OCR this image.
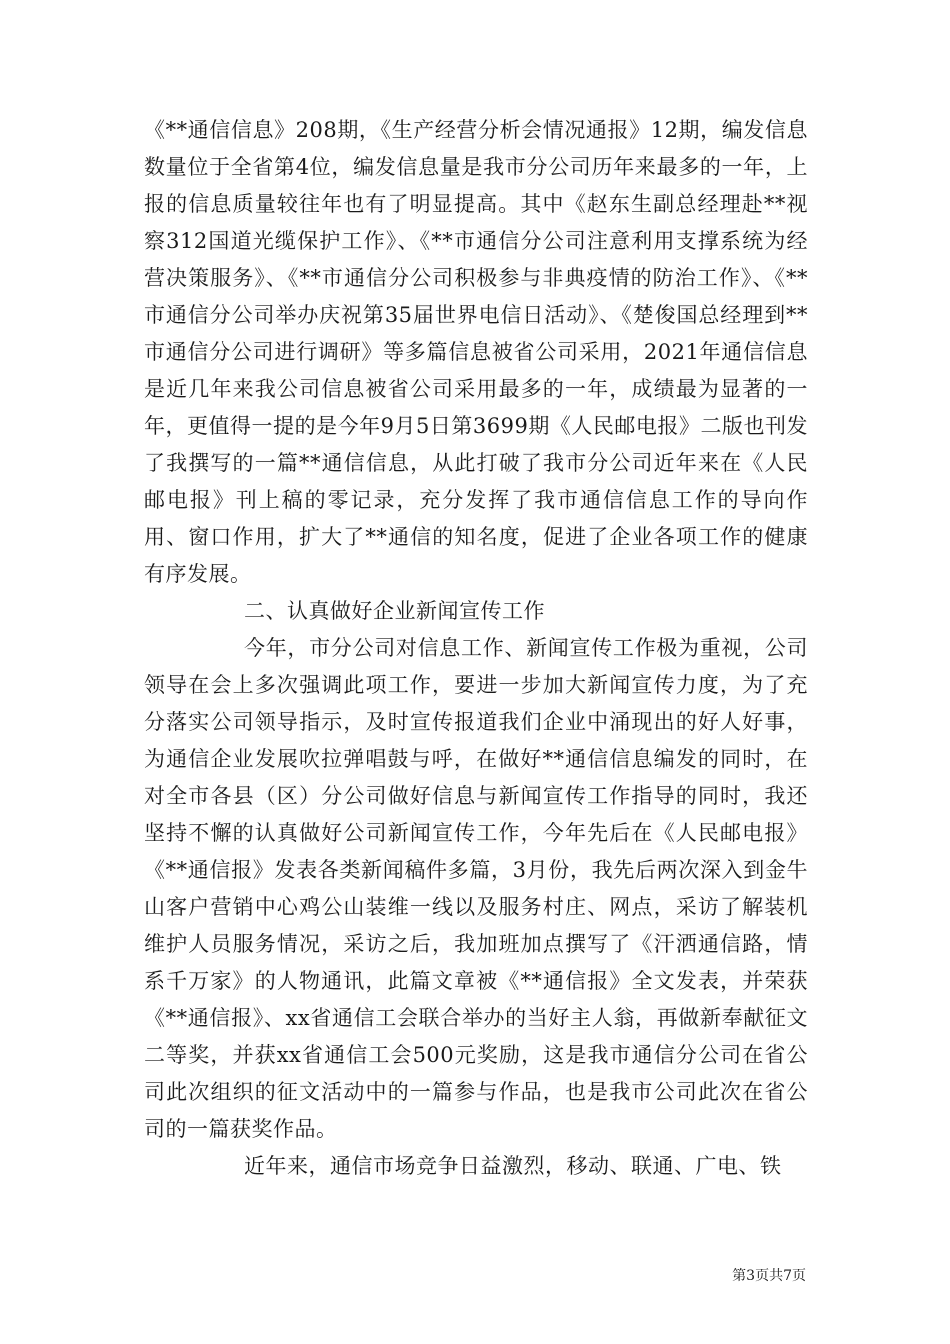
《**通信信息》208期，《生产经营分析会情况通报》12期，编发信息数量位于全省第4位，编发信息量是我市分公司历年来最多的一年，上报的信息质量较往年也有了明显提高。其中《赵东生副总经理赴**视察312国道光缆保护工作》、《**市通信分公司注意利用支撑系统为经营决策服务》、《**市通信分公司积极参与非典疫情的防治工作》、《**市通信分公司举办庆祝第35届世界电信日活动》、《楚俊国总经理到**市通信分公司进行调研》等多篇信息被省公司采用，2021年通信信息是近几年来我公司信息被省公司采用最多的一年，成绩最为显著的一年，更值得一提的是今年9月5日第3699期《人民邮电报》二版也刊发了我撰写的一篇**通信信息，从此打破了我市分公司近年来在《人民邮电报》刊上稿的零记录，充分发挥了我市通信信息工作的导向作用、窗口作用，扩大了**通信的知名度，促进了企业各项工作的健康有序发展。

二、认真做好企业新闻宣传工作

今年，市分公司对信息工作、新闻宣传工作极为重视，公司领导在会上多次强调此项工作，要进一步加大新闻宣传力度，为了充分落实公司领导指示，及时宣传报道我们企业中涌现出的好人好事，为通信企业发展吹拉弹唱鼓与呼，在做好**通信信息编发的同时，在对全市各县（区）分公司做好信息与新闻宣传工作指导的同时，我还坚持不懈的认真做好公司新闻宣传工作，今年先后在《人民邮电报》《**通信报》发表各类新闻稿件多篇，3月份，我先后两次深入到金牛山客户营销中心鸡公山装维一线以及服务村庄、网点，采访了解装机维护人员服务情况，采访之后，我加班加点撰写了《汗洒通信路，情系千万家》的人物通讯，此篇文章被《**通信报》全文发表，并荣获《**通信报》、xx省通信工会联合举办的当好主人翁，再做新奉献征文二等奖，并获xx省通信工会500元奖励，这是我市通信分公司在省公司此次组织的征文活动中的一篇参与作品，也是我市公司此次在省公司的一篇获奖作品。

近年来，通信市场竞争日益激烈，移动、联通、广电、铁

第3页共7页
